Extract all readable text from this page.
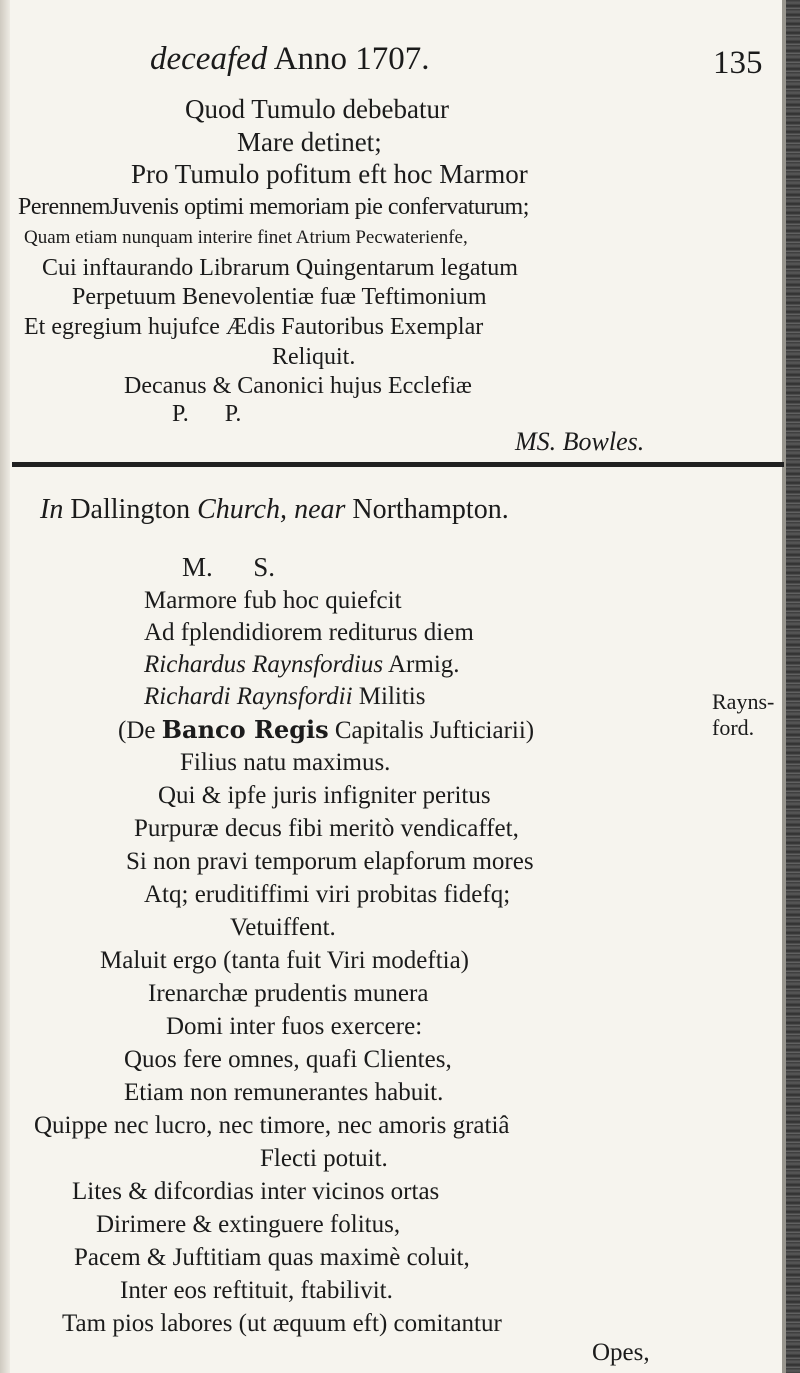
deceafed Anno 1707.	135
Quod Tumulo debebatur
Mare detinet;
Pro Tumulo pofitum eft hoc Marmor
PerennemJuvenis optimi memoriam pie confervaturum;
Quam etiam nunquam interire finet Atrium Pecwaterienfe,
Cui inftaurando Librarum Quingentarum legatum
Perpetuum Benevolentiæ fuæ Teftimonium
Et egregium hujufce Ædis Fautoribus Exemplar
Reliquit.
Decanus & Canonici hujus Ecclefiæ
P.      P.
MS. Bowles.
In Dallington Church, near Northampton.
M.      S.
Marmore fub hoc quiefcit
Ad fplendidiorem rediturus diem
Richardus Raynsfordius Armig.
Richardi Raynsfordii Militis
(De Banco Regis Capitalis Jufticiarii)
Rayns-
ford.
Filius natu maximus.
Qui & ipfe juris infigniter peritus
Purpuræ decus fibi meritò vendicaffet,
Si non pravi temporum elapforum mores
Atq; eruditiffimi viri probitas fidefq;
Vetuiffent.
Maluit ergo (tanta fuit Viri modeftia)
Irenarchæ prudentis munera
Domi inter fuos exercere:
Quos fere omnes, quafi Clientes,
Etiam non remunerantes habuit.
Quippe nec lucro, nec timore, nec amoris gratiâ
Flecti potuit.
Lites & difcordias inter vicinos ortas
Dirimere & extinguere folitus,
Pacem & Juftitiam quas maximè coluit,
Inter eos reftituit, ftabilivit.
Tam pios labores (ut æquum eft) comitantur
Opes,
